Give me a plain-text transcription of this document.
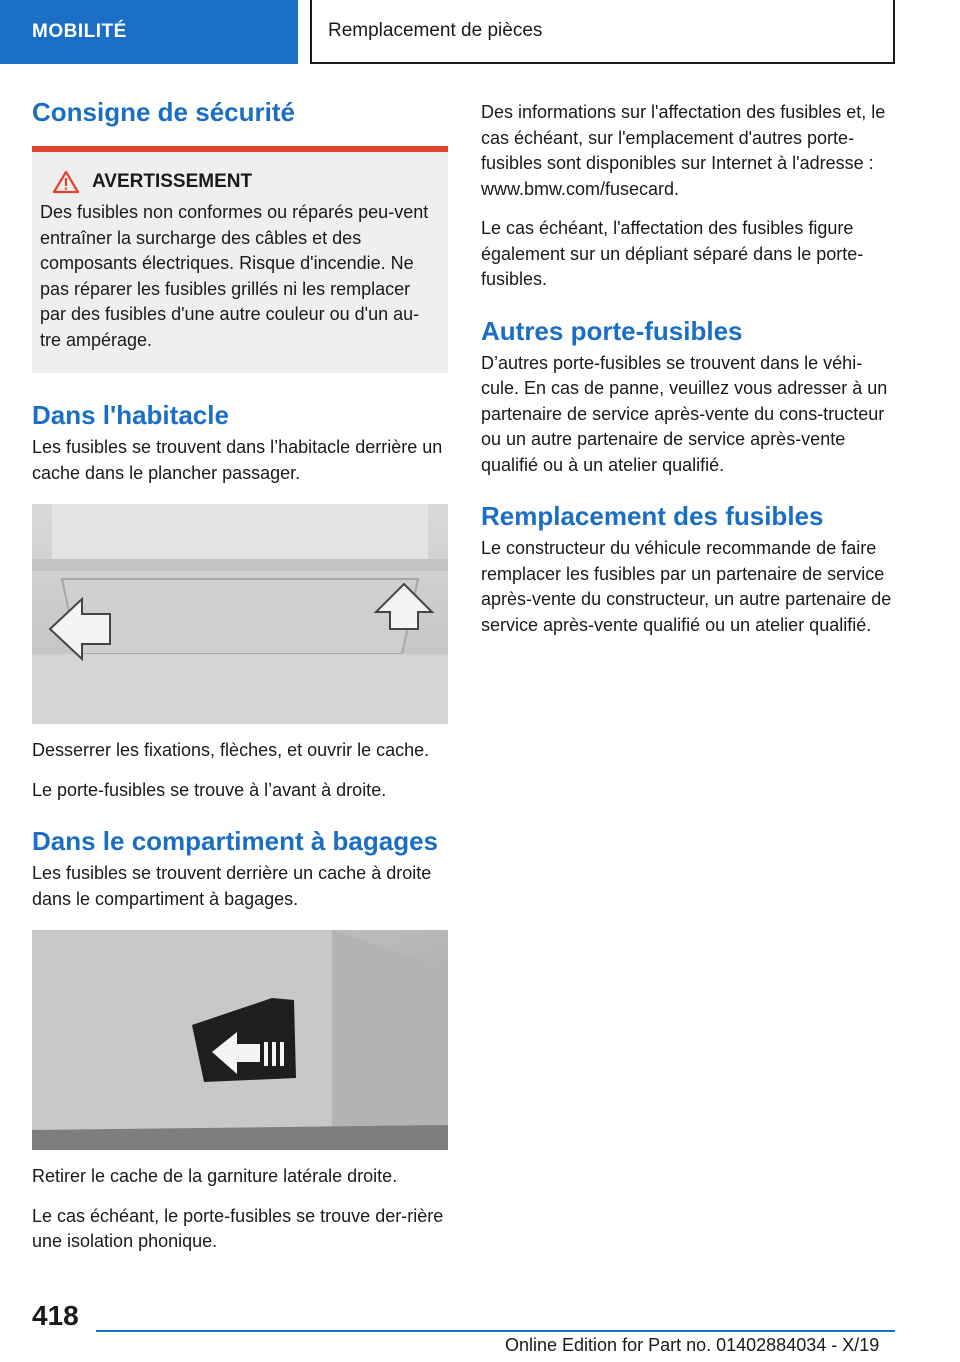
MOBILITÉ	Remplacement de pièces
Consigne de sécurité
AVERTISSEMENT

Des fusibles non conformes ou réparés peu-vent entraîner la surcharge des câbles et des composants électriques. Risque d'incendie. Ne pas réparer les fusibles grillés ni les remplacer par des fusibles d'une autre couleur ou d'un au-tre ampérage.

Dans l'habitacle

Les fusibles se trouvent dans l’habitacle derrière un cache dans le plancher passager.

Desserrer les fixations, flèches, et ouvrir le cache.

Le porte-fusibles se trouve à l’avant à droite.

Dans le compartiment à bagages

Les fusibles se trouvent derrière un cache à droite dans le compartiment à bagages.

Retirer le cache de la garniture latérale droite.

Le cas échéant, le porte-fusibles se trouve der-rière une isolation phonique.

Des informations sur l'affectation des fusibles et, le cas échéant, sur l'emplacement d'autres porte-fusibles sont disponibles sur Internet à l'adresse : www.bmw.com/fusecard.

Le cas échéant, l'affectation des fusibles figure également sur un dépliant séparé dans le porte-fusibles.

Autres porte-fusibles

D’autres porte-fusibles se trouvent dans le véhi-cule. En cas de panne, veuillez vous adresser à un partenaire de service après-vente du cons-tructeur ou un autre partenaire de service après-vente qualifié ou à un atelier qualifié.

Remplacement des fusibles

Le constructeur du véhicule recommande de faire remplacer les fusibles par un partenaire de service après-vente du constructeur, un autre partenaire de service après-vente qualifié ou un atelier qualifié.

418
Online Edition for Part no. 01402884034 - X/19
